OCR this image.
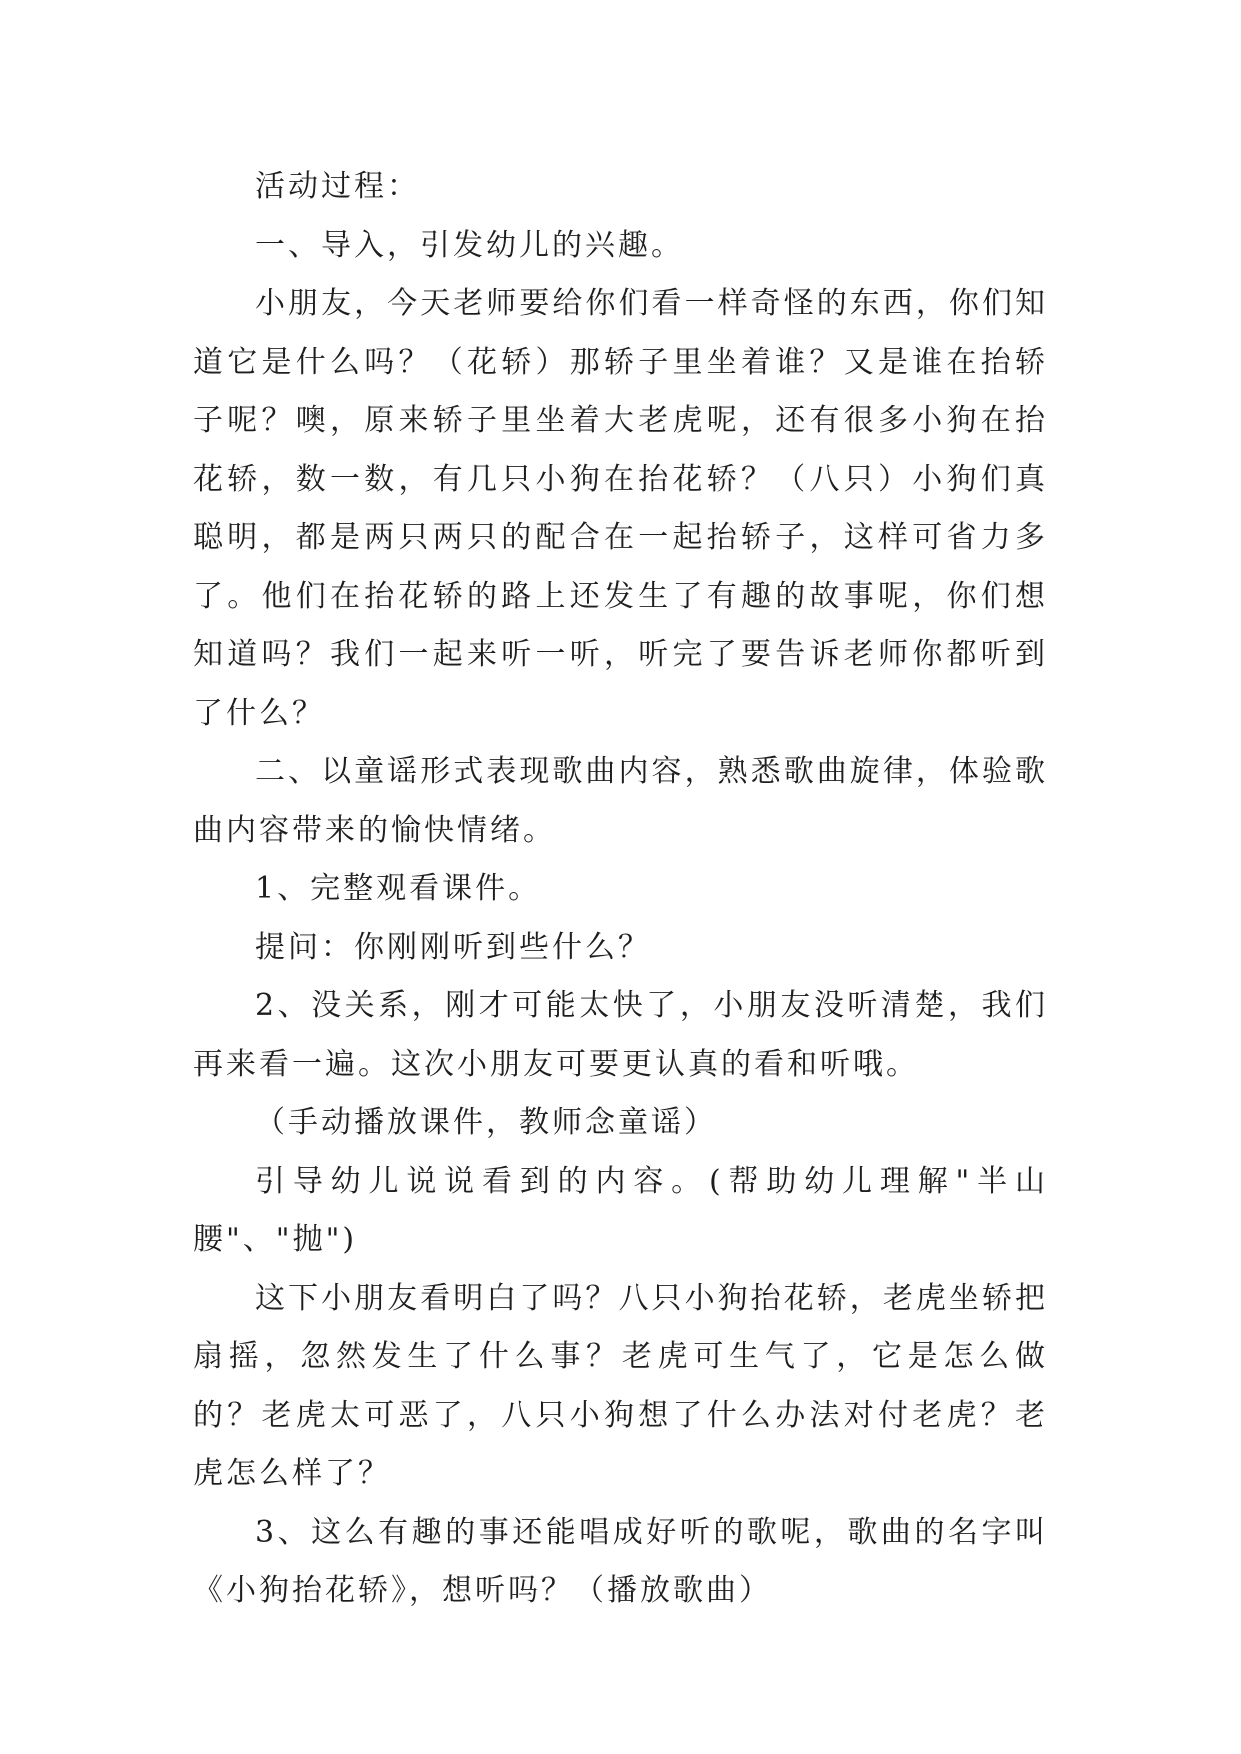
活动过程：

一、导入，引发幼儿的兴趣。

小朋友，今天老师要给你们看一样奇怪的东西，你们知道它是什么吗？（花轿）那轿子里坐着谁？又是谁在抬轿子呢？噢，原来轿子里坐着大老虎呢，还有很多小狗在抬花轿，数一数，有几只小狗在抬花轿？（八只）小狗们真聪明，都是两只两只的配合在一起抬轿子，这样可省力多了。他们在抬花轿的路上还发生了有趣的故事呢，你们想知道吗？我们一起来听一听，听完了要告诉老师你都听到了什么？

二、以童谣形式表现歌曲内容，熟悉歌曲旋律，体验歌曲内容带来的愉快情绪。

1、完整观看课件。

提问：你刚刚听到些什么？

2、没关系，刚才可能太快了，小朋友没听清楚，我们再来看一遍。这次小朋友可要更认真的看和听哦。

（手动播放课件，教师念童谣）

引导幼儿说说看到的内容。(帮助幼儿理解"半山腰"、"抛")

这下小朋友看明白了吗？八只小狗抬花轿，老虎坐轿把扇摇，忽然发生了什么事？老虎可生气了，它是怎么做的？老虎太可恶了，八只小狗想了什么办法对付老虎？老虎怎么样了？

3、这么有趣的事还能唱成好听的歌呢，歌曲的名字叫《小狗抬花轿》，想听吗？（播放歌曲）
